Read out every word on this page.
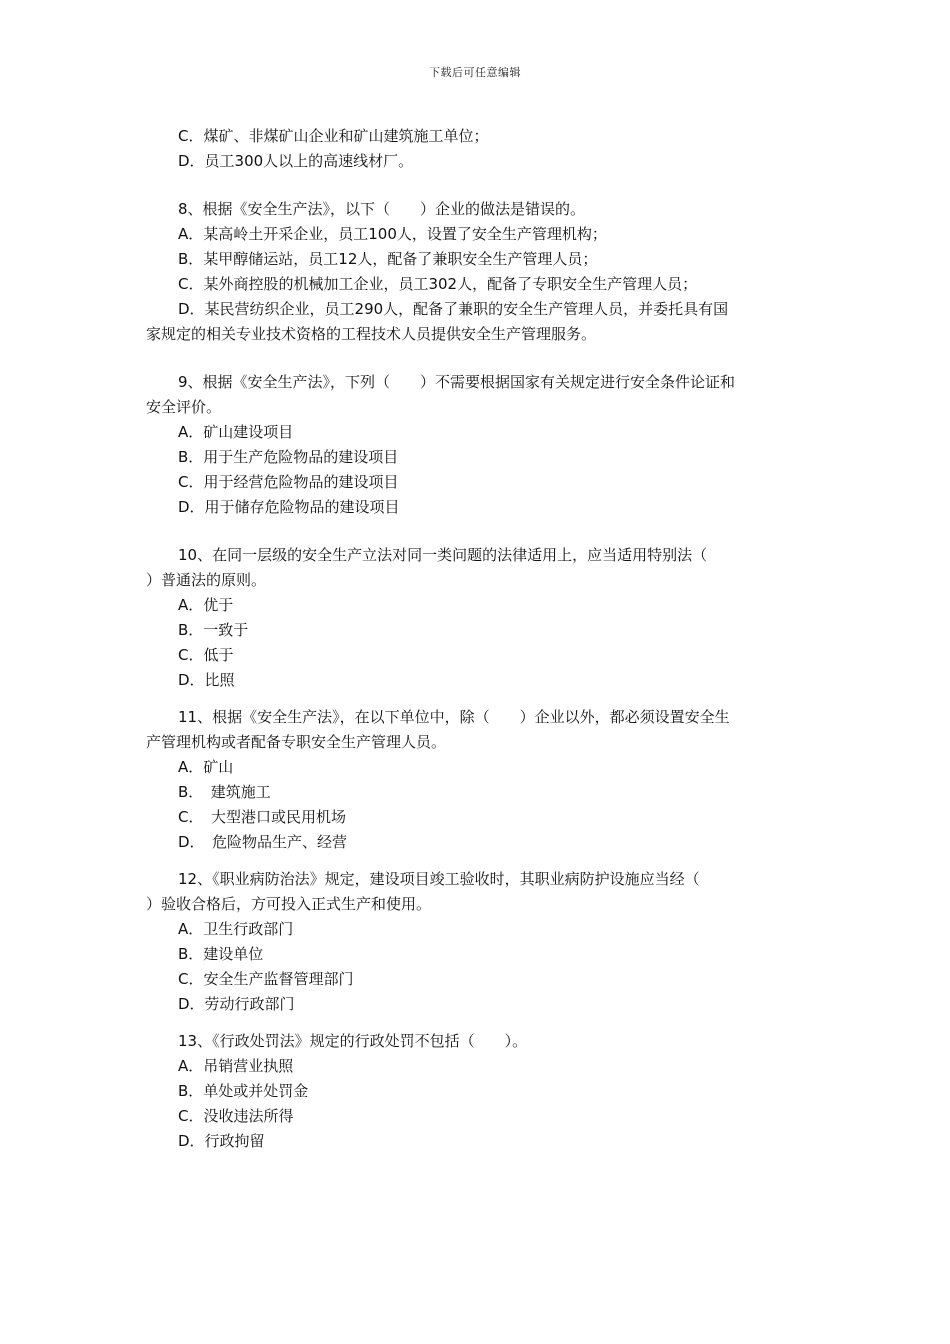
下载后可任意编辑
C．煤矿、非煤矿山企业和矿山建筑施工单位；
D．员工300人以上的高速线材厂。
8、根据《安全生产法》，以下（　　）企业的做法是错误的。
A．某高岭土开采企业，员工100人，设置了安全生产管理机构；
B．某甲醇储运站，员工12人，配备了兼职安全生产管理人员；
C．某外商控股的机械加工企业，员工302人，配备了专职安全生产管理人员；
D．某民营纺织企业，员工290人，配备了兼职的安全生产管理人员，并委托具有国
家规定的相关专业技术资格的工程技术人员提供安全生产管理服务。
9、根据《安全生产法》，下列（　　）不需要根据国家有关规定进行安全条件论证和
安全评价。
A．矿山建设项目
B．用于生产危险物品的建设项目
C．用于经营危险物品的建设项目
D．用于储存危险物品的建设项目
10、在同一层级的安全生产立法对同一类问题的法律适用上，应当适用特别法（
）普通法的原则。
A．优于
B．一致于
C．低于
D．比照
11、根据《安全生产法》，在以下单位中，除（　　）企业以外，都必须设置安全生
产管理机构或者配备专职安全生产管理人员。
A．矿山
B．　建筑施工
C．　大型港口或民用机场
D．　危险物品生产、经营
12、《职业病防治法》规定，建设项目竣工验收时，其职业病防护设施应当经（
）验收合格后，方可投入正式生产和使用。
A．卫生行政部门
B．建设单位
C．安全生产监督管理部门
D．劳动行政部门
13、《行政处罚法》规定的行政处罚不包括（　　）。
A．吊销营业执照
B．单处或并处罚金
C．没收违法所得
D．行政拘留
